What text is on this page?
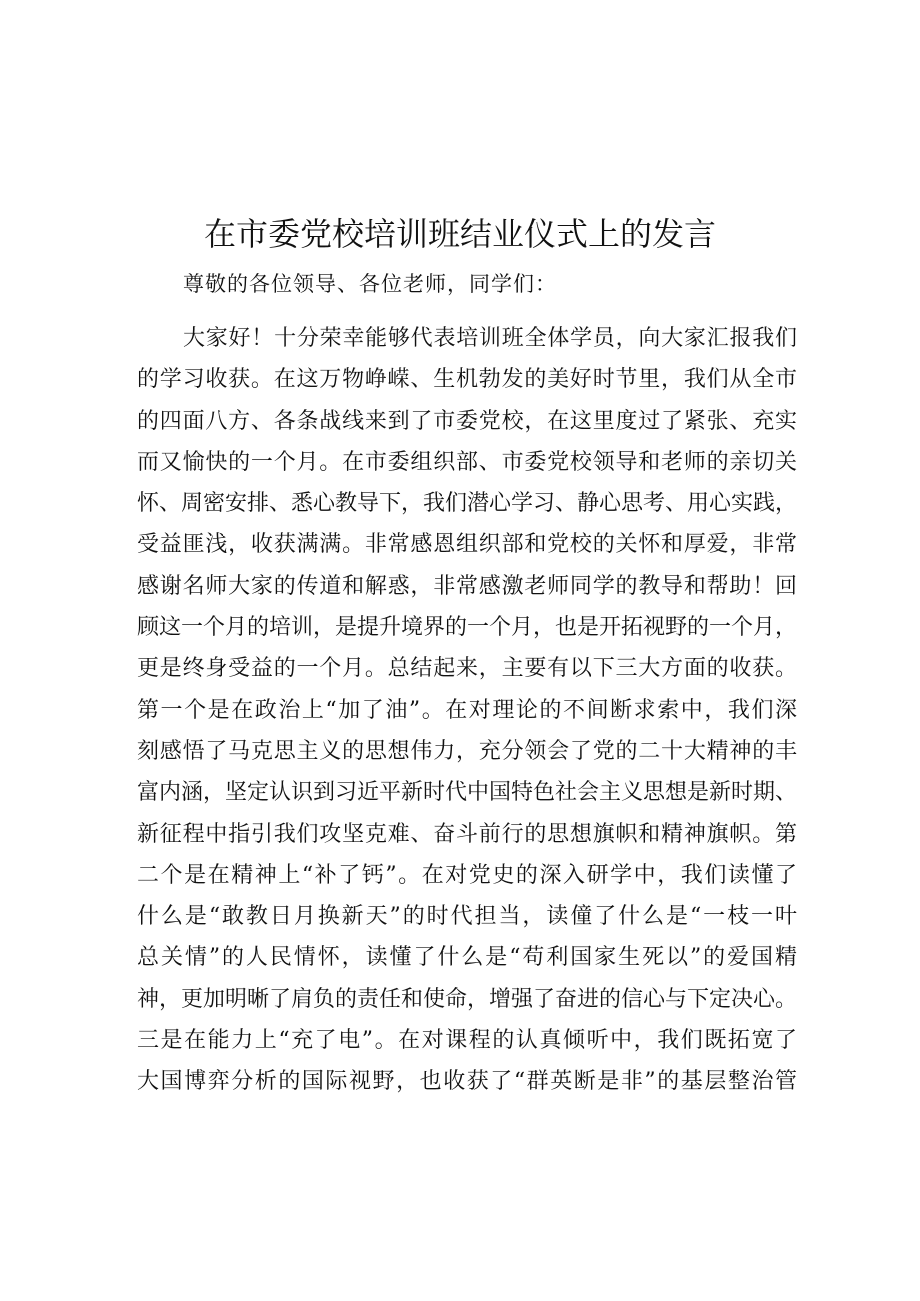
在市委党校培训班结业仪式上的发言

尊敬的各位领导、各位老师，同学们：

大家好！十分荣幸能够代表培训班全体学员，向大家汇报我们
的学习收获。在这万物峥嵘、生机勃发的美好时节里，我们从全市
的四面八方、各条战线来到了市委党校，在这里度过了紧张、充实
而又愉快的一个月。在市委组织部、市委党校领导和老师的亲切关
怀、周密安排、悉心教导下，我们潜心学习、静心思考、用心实践，
受益匪浅，收获满满。非常感恩组织部和党校的关怀和厚爱，非常
感谢名师大家的传道和解惑，非常感激老师同学的教导和帮助！回
顾这一个月的培训，是提升境界的一个月，也是开拓视野的一个月，
更是终身受益的一个月。总结起来，主要有以下三大方面的收获。
第一个是在政治上“加了油”。在对理论的不间断求索中，我们深
刻感悟了马克思主义的思想伟力，充分领会了党的二十大精神的丰
富内涵，坚定认识到习近平新时代中国特色社会主义思想是新时期、
新征程中指引我们攻坚克难、奋斗前行的思想旗帜和精神旗帜。第
二个是在精神上“补了钙”。在对党史的深入研学中，我们读懂了
什么是“敢教日月换新天”的时代担当，读僮了什么是“一枝一叶
总关情”的人民情怀，读懂了什么是“苟利国家生死以”的爱国精
神，更加明晰了肩负的责任和使命，增强了奋进的信心与下定决心。
三是在能力上“充了电”。在对课程的认真倾听中，我们既拓宽了
大国博弈分析的国际视野，也收获了“群英断是非”的基层整治管
